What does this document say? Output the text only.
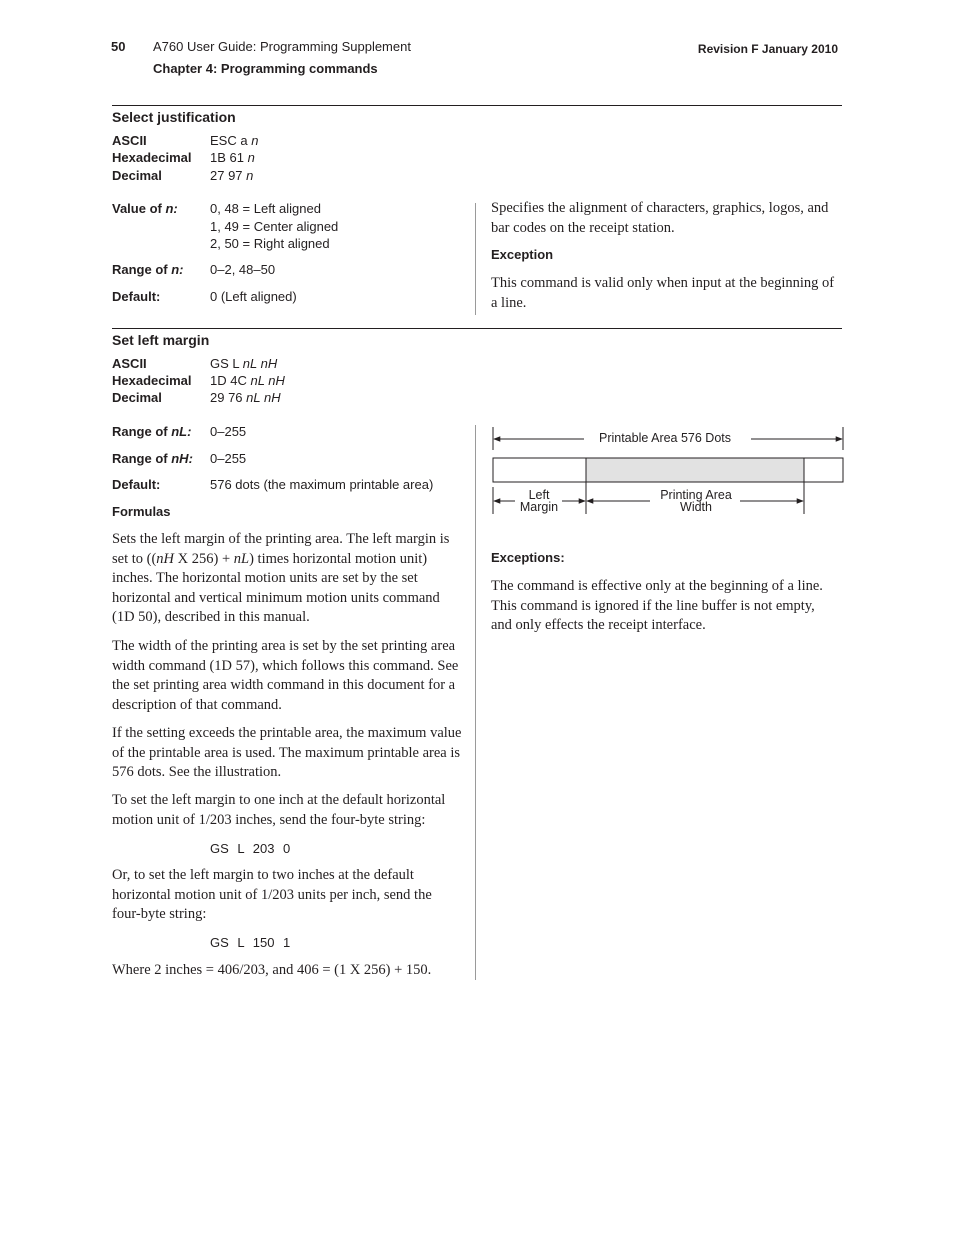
50 A760 User Guide: Programming Supplement
Chapter 4: Programming commands
Revision F January 2010
Select justification
ASCII	ESC a n
Hexadecimal 1B 61 n
Decimal	27 97 n
Value of n: 0, 48 = Left aligned
1, 49 = Center aligned
2, 50 = Right aligned
Range of n: 0–2, 48–50
Default:	0 (Left aligned)
Specifies the alignment of characters, graphics, logos, and bar codes on the receipt station.
Exception
This command is valid only when input at the beginning of a line.
Set left margin
ASCII	GS L nL nH
Hexadecimal 1D 4C nL nH
Decimal	29 76 nL nH
Range of nL: 0–255
Range of nH: 0–255
Default:	576 dots (the maximum printable area)
Formulas
Sets the left margin of the printing area. The left margin is set to ((nH X 256) + nL) times horizontal motion unit) inches. The horizontal motion units are set by the set horizontal and vertical minimum motion units command (1D 50), described in this manual.
The width of the printing area is set by the set printing area width command (1D 57), which follows this command. See the set printing area width command in this document for a description of that command.
If the setting exceeds the printable area, the maximum value of the printable area is used. The maximum printable area is 576 dots. See the illustration.
To set the left margin to one inch at the default horizontal motion unit of 1/203 inches, send the four-byte string:
GS L 203 0
Or, to set the left margin to two inches at the default horizontal motion unit of 1/203 units per inch, send the four-byte string:
GS L 150 1
Where 2 inches = 406/203, and 406 = (1 X 256) + 150.
Printable Area 576 Dots
Left
Margin
Printing Area
Width
Exceptions:
The command is effective only at the beginning of a line. This command is ignored if the line buffer is not empty, and only effects the receipt interface.
